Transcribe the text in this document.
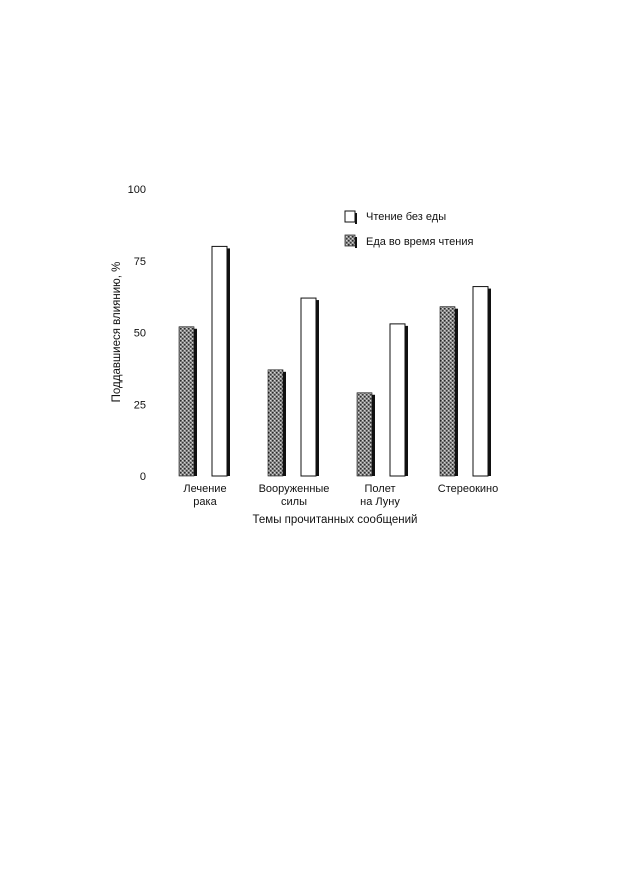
0
25
50
75
100
Лечение рака
Вооруженные силы
Полет на Луну
Стереокино
Поддавшиеся влиянию, %
Темы прочитанных сообщений
Чтение без еды
Еда во время чтения
